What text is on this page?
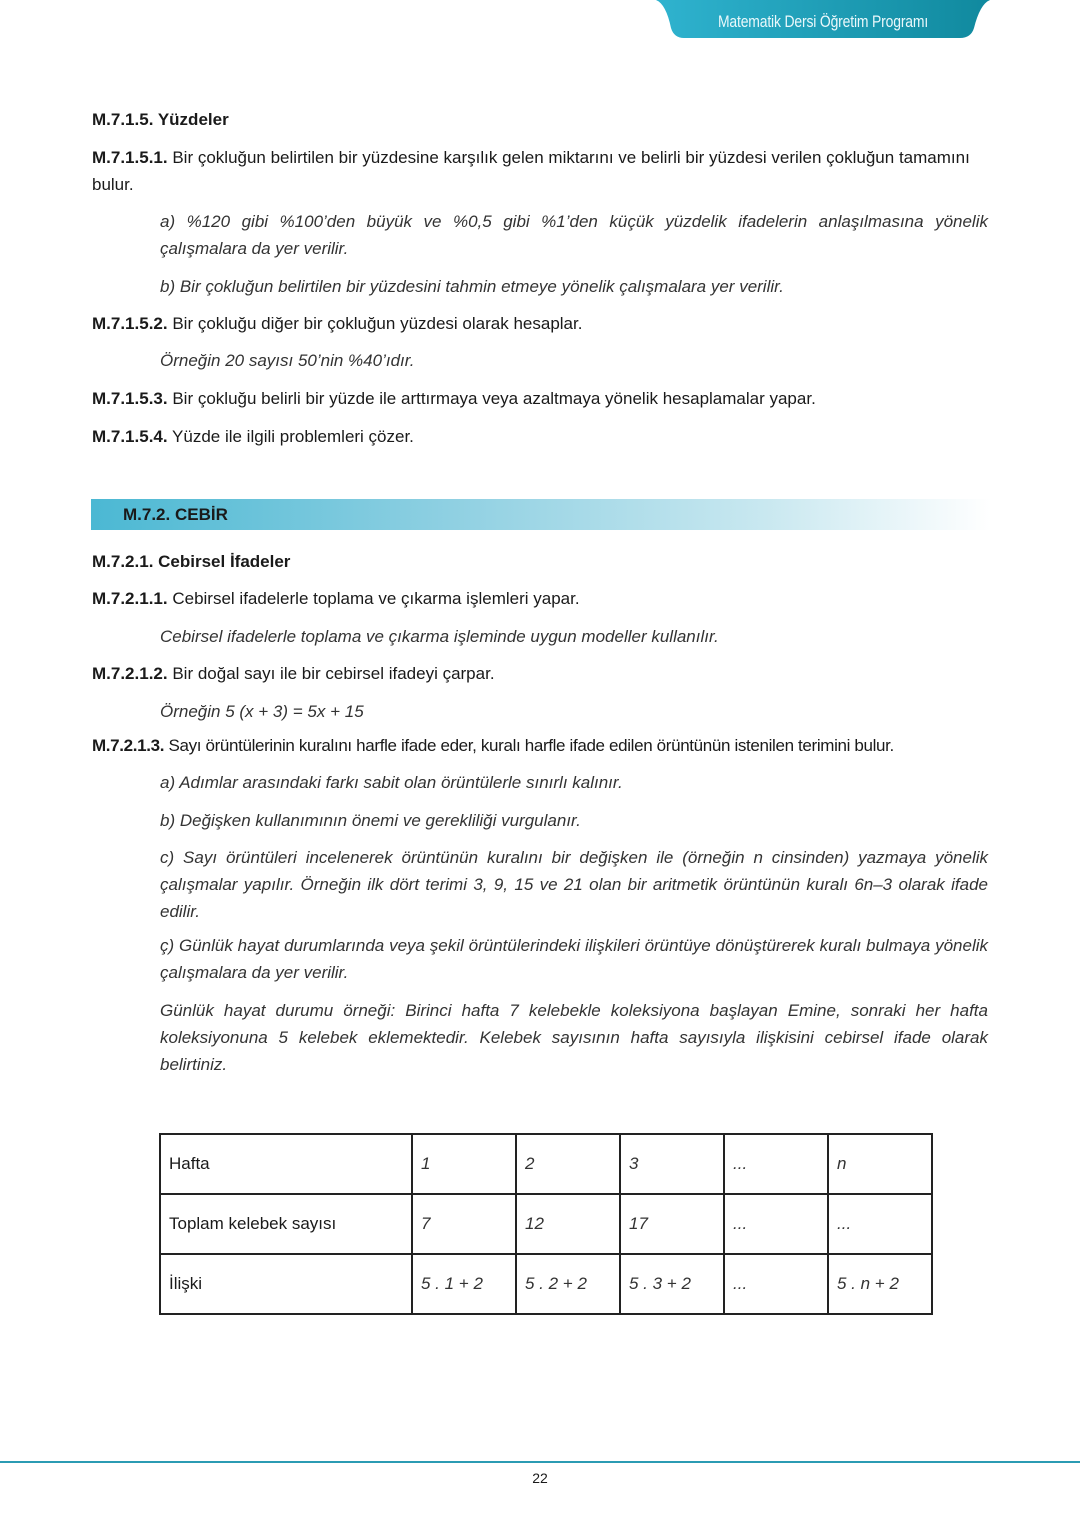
Matematik Dersi Öğretim Programı
M.7.1.5. Yüzdeler
M.7.1.5.1. Bir çokluğun belirtilen bir yüzdesine karşılık gelen miktarını ve belirli bir yüzdesi verilen çokluğun tamamını bulur.
a) %120 gibi %100’den büyük ve %0,5 gibi %1’den küçük yüzdelik ifadelerin anlaşılmasına yönelik çalışmalara da yer verilir.
b) Bir çokluğun belirtilen bir yüzdesini tahmin etmeye yönelik çalışmalara yer verilir.
M.7.1.5.2. Bir çokluğu diğer bir çokluğun yüzdesi olarak hesaplar.
Örneğin 20 sayısı 50’nin %40’ıdır.
M.7.1.5.3. Bir çokluğu belirli bir yüzde ile arttırmaya veya azaltmaya yönelik hesaplamalar yapar.
M.7.1.5.4. Yüzde ile ilgili problemleri çözer.
M.7.2. CEBİR
M.7.2.1. Cebirsel İfadeler
M.7.2.1.1. Cebirsel ifadelerle toplama ve çıkarma işlemleri yapar.
Cebirsel ifadelerle toplama ve çıkarma işleminde uygun modeller kullanılır.
M.7.2.1.2. Bir doğal sayı ile bir cebirsel ifadeyi çarpar.
Örneğin 5 (x + 3) = 5x + 15
M.7.2.1.3. Sayı örüntülerinin kuralını harfle ifade eder, kuralı harfle ifade edilen örüntünün istenilen terimini bulur.
a) Adımlar arasındaki farkı sabit olan örüntülerle sınırlı kalınır.
b) Değişken kullanımının önemi ve gerekliliği vurgulanır.
c) Sayı örüntüleri incelenerek örüntünün kuralını bir değişken ile (örneğin n cinsinden) yazmaya yönelik çalışmalar yapılır. Örneğin ilk dört terimi 3, 9, 15 ve 21 olan bir aritmetik örüntünün kuralı 6n–3 olarak ifade edilir.
ç) Günlük hayat durumlarında veya şekil örüntülerindeki ilişkileri örüntüye dönüştürerek kuralı bulmaya yönelik çalışmalara da yer verilir.
Günlük hayat durumu örneği: Birinci hafta 7 kelebekle koleksiyona başlayan Emine, sonraki her hafta koleksiyonuna 5 kelebek eklemektedir. Kelebek sayısının hafta sayısıyla ilişkisini cebirsel ifade olarak belirtiniz.
Hafta	1	2	3	...	n
Toplam kelebek sayısı	7	12	17	...	...
İlişki	5 . 1 + 2	5 . 2 + 2	5 . 3 + 2	...	5 . n + 2
22
